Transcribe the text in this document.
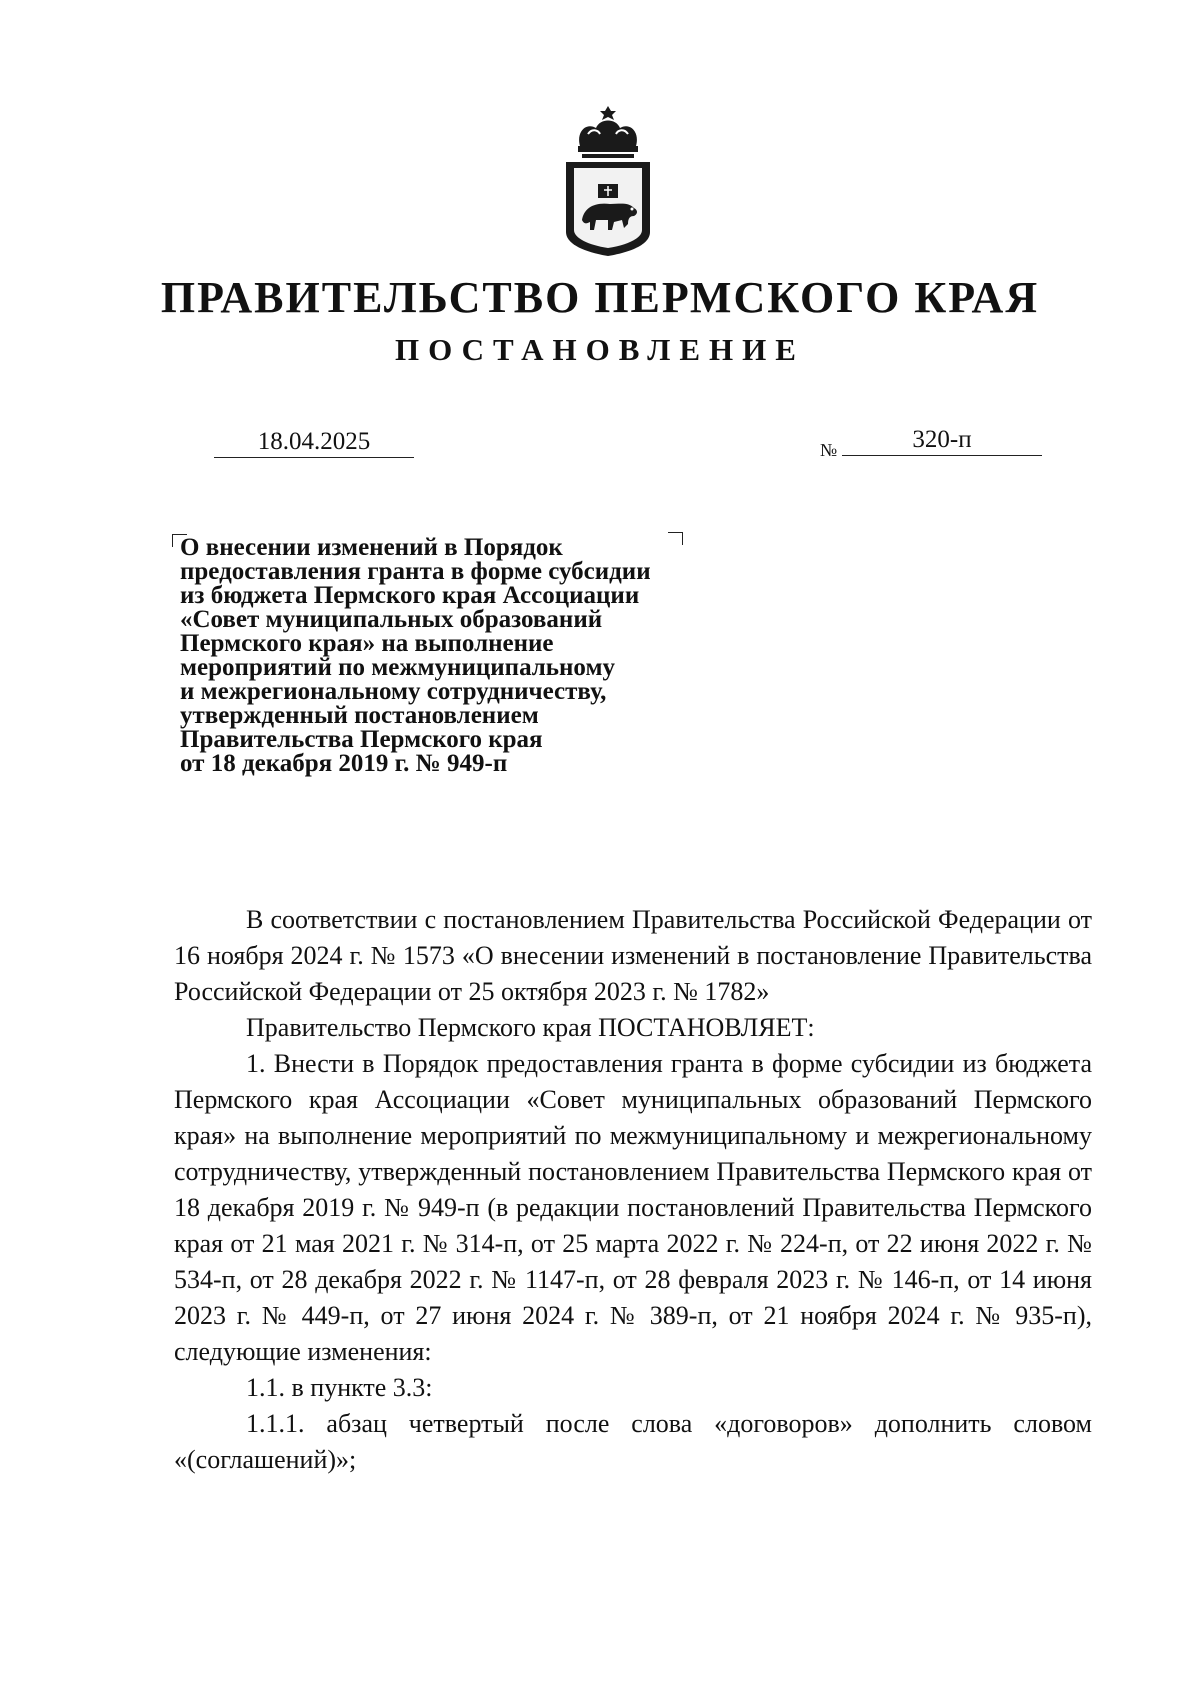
ПРАВИТЕЛЬСТВО ПЕРМСКОГО КРАЯ
ПОСТАНОВЛЕНИЕ
18.04.2025	№	320-п
О внесении изменений в Порядок
предоставления гранта в форме субсидии
из бюджета Пермского края Ассоциации
«Совет муниципальных образований
Пермского края» на выполнение
мероприятий по межмуниципальному
и межрегиональному сотрудничеству,
утвержденный постановлением
Правительства Пермского края
от 18 декабря 2019 г. № 949-п

В соответствии с постановлением Правительства Российской Федерации от 16 ноября 2024 г. № 1573 «О внесении изменений в постановление Правительства Российской Федерации от 25 октября 2023 г. № 1782»

Правительство Пермского края ПОСТАНОВЛЯЕТ:

1. Внести в Порядок предоставления гранта в форме субсидии из бюджета Пермского края Ассоциации «Совет муниципальных образований Пермского края» на выполнение мероприятий по межмуниципальному и межрегиональному сотрудничеству, утвержденный постановлением Правительства Пермского края от 18 декабря 2019 г. № 949-п (в редакции постановлений Правительства Пермского края от 21 мая 2021 г. № 314-п, от 25 марта 2022 г. № 224-п, от 22 июня 2022 г. № 534-п, от 28 декабря 2022 г. № 1147-п, от 28 февраля 2023 г. № 146-п, от 14 июня 2023 г. № 449-п, от 27 июня 2024 г. № 389-п, от 21 ноября 2024 г. № 935-п), следующие изменения:

1.1. в пункте 3.3:

1.1.1. абзац четвертый после слова «договоров» дополнить словом «(соглашений)»;
